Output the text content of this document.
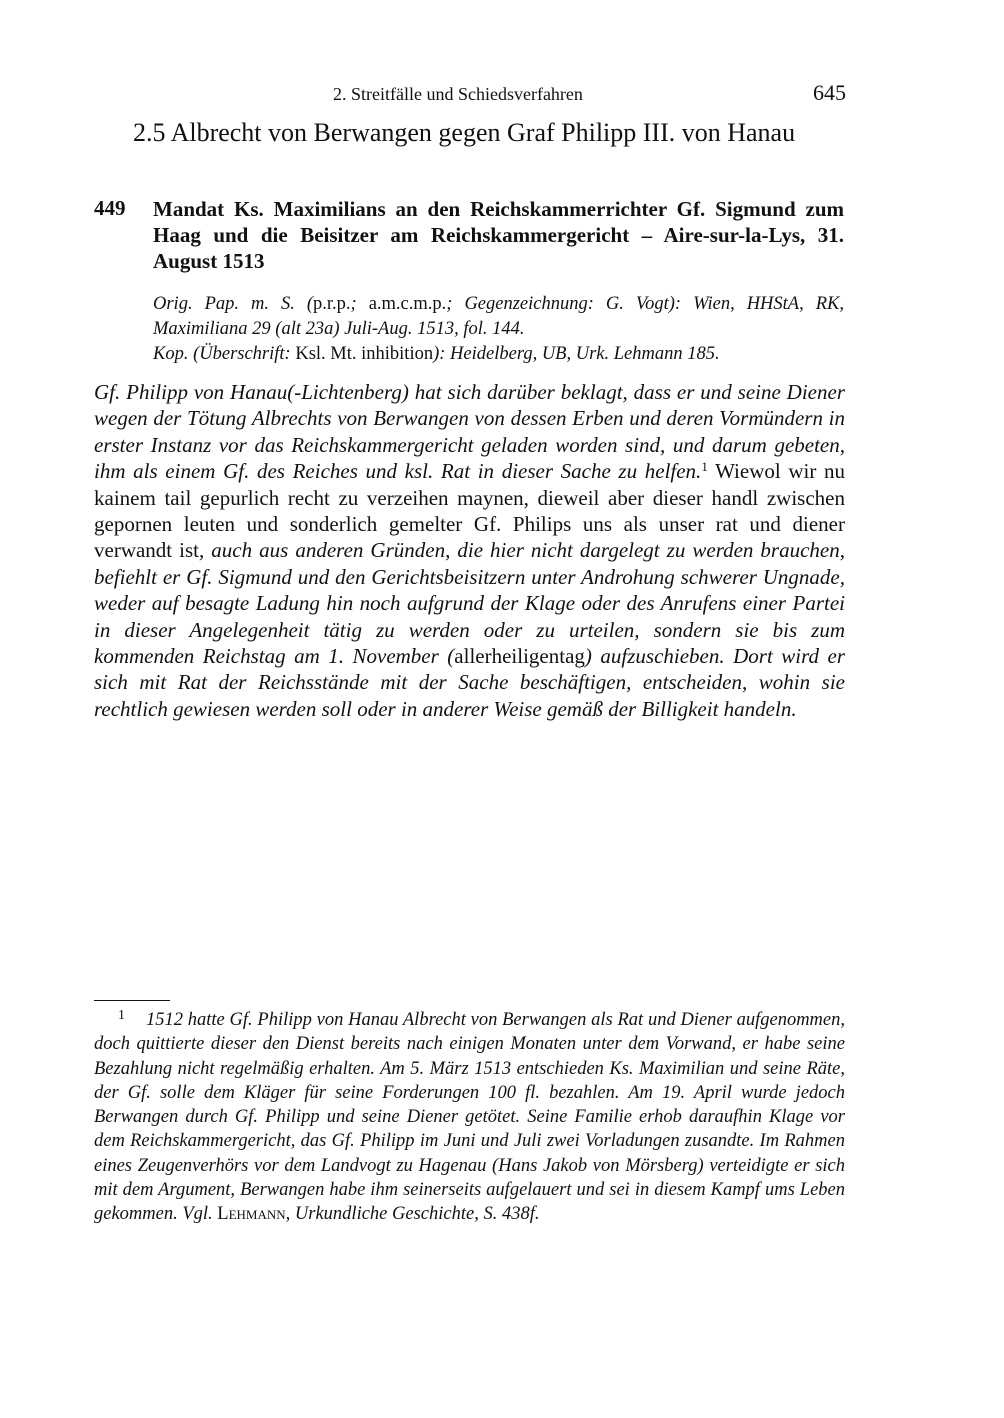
2. Streitfälle und Schiedsverfahren	645
2.5 Albrecht von Berwangen gegen Graf Philipp III. von Hanau
449 Mandat Ks. Maximilians an den Reichskammerrichter Gf. Sigmund zum Haag und die Beisitzer am Reichskammergericht – Aire-sur-la-Lys, 31. August 1513

Orig. Pap. m. S. (p.r.p.; a.m.c.m.p.; Gegenzeichnung: G. Vogt): Wien, HHStA, RK, Maximiliana 29 (alt 23a) Juli-Aug. 1513, fol. 144.

Kop. (Überschrift: Ksl. Mt. inhibition): Heidelberg, UB, Urk. Lehmann 185.

Gf. Philipp von Hanau(-Lichtenberg) hat sich darüber beklagt, dass er und seine Diener wegen der Tötung Albrechts von Berwangen von dessen Erben und deren Vormündern in erster Instanz vor das Reichskammergericht geladen worden sind, und darum gebeten, ihm als einem Gf. des Reiches und ksl. Rat in dieser Sache zu helfen.$^1$ Wiewol wir nu kainem tail gepurlich recht zu verzeihen maynen, dieweil aber dieser handl zwischen gepornen leuten und sonderlich gemelter Gf. Philips uns als unser rat und diener verwandt ist, auch aus anderen Gründen, die hier nicht dargelegt zu werden brauchen, befiehlt er Gf. Sigmund und den Gerichtsbeisitzern unter Androhung schwerer Ungnade, weder auf besagte Ladung hin noch aufgrund der Klage oder des Anrufens einer Partei in dieser Angelegenheit tätig zu werden oder zu urteilen, sondern sie bis zum kommenden Reichstag am 1. November (allerheiligentag) aufzuschieben. Dort wird er sich mit Rat der Reichsstände mit der Sache beschäftigen, entscheiden, wohin sie rechtlich gewiesen werden soll oder in anderer Weise gemäß der Billigkeit handeln.

1 1512 hatte Gf. Philipp von Hanau Albrecht von Berwangen als Rat und Diener aufgenommen, doch quittierte dieser den Dienst bereits nach einigen Monaten unter dem Vorwand, er habe seine Bezahlung nicht regelmäßig erhalten. Am 5. März 1513 entschieden Ks. Maximilian und seine Räte, der Gf. solle dem Kläger für seine Forderungen 100 fl. bezahlen. Am 19. April wurde jedoch Berwangen durch Gf. Philipp und seine Diener getötet. Seine Familie erhob daraufhin Klage vor dem Reichskammergericht, das Gf. Philipp im Juni und Juli zwei Vorladungen zusandte. Im Rahmen eines Zeugenverhörs vor dem Landvogt zu Hagenau (Hans Jakob von Mörsberg) verteidigte er sich mit dem Argument, Berwangen habe ihm seinerseits aufgelauert und sei in diesem Kampf ums Leben gekommen. Vgl. Lehmann, Urkundliche Geschichte, S. 438f.
